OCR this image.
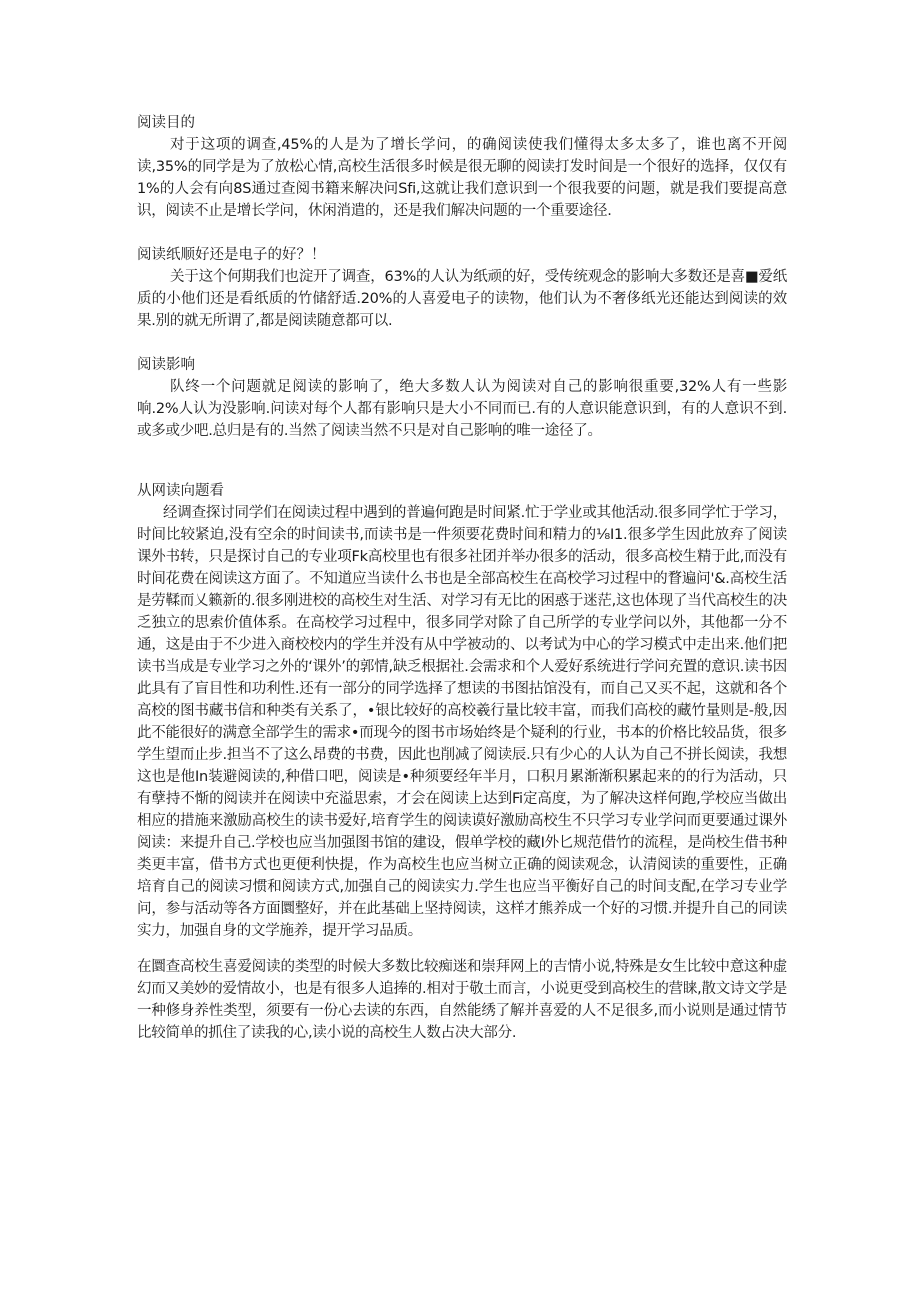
阅读目的

对于这项的调查,45%的人是为了增长学问，的确阅读使我们懂得太多太多了，谁也离不开阅读,35%的同学是为了放松心情,高校生活很多时候是很无聊的阅读打发时间是一个很好的选择，仅仅有1%的人会有向8S通过查阅书籍来解决问Sfi,这就让我们意识到一个很我要的问题，就是我们要提高意识，阅读不止是增长学问，休闲消遣的，还是我们解决问题的一个重要途径.

阅读纸顺好还是电子的好？！

关于这个何期我们也淀开了调查，63%的人认为纸顽的好，受传统观念的影响大多数还是喜■爱纸质的小他们还是看纸质的竹储舒适.20%的人喜爱电子的读物，他们认为不奢侈纸光还能达到阅读的效果.别的就无所谓了,都是阅读随意都可以.

阅读影响

队终一个问题就足阅读的影响了，绝大多数人认为阅读对自己的影响很重要,32%人有一些影响.2%人认为没影响.问读对每个人都有影响只是大小不同而已.有的人意识能意识到，有的人意识不到.或多或少吧.总归是有的.当然了阅读当然不只是对自己影响的唯一途径了。

从网读向题看

经调查探讨同学们在阅读过程中遇到的普遍何跑是时间紧.忙于学业或其他活动.很多同学忙于学习，时间比较紧迫,没有空余的时间读书,而读书是一件须要花费时间和精力的⅛I1.很多学生因此放弃了阅读课外书转，只是探讨自己的专业项Fk高校里也有很多社团并举办很多的活动，很多高校生精于此,而没有时间花费在阅读这方面了。不知道应当读什么书也是全部高校生在高校学习过程中的瞀遍问'&.高校生活是劳鞣而乂籁新的.很多刚进校的高校生对生活、对学习有无比的困惑于迷茫,这也体现了当代高校生的决乏独立的思索价值体系。在高校学习过程中，很多同学对除了自己所学的专业学问以外，其他都一分不通，这是由于不少进入商校校内的学生并没有从中学被动的、以考试为中心的学习模式中走出来.他们把读书当成是专业学习之外的‘课外’的郭情,缺乏根据社.会需求和个人爱好系统进行学问充置的意识.读书因此具有了盲目性和功利性.还有一部分的同学选择了想读的书图拈馆没有，而自己又买不起，这就和各个高校的图书藏书信和种类有关系了，•银比较好的高校羲行量比较丰富，而我们高校的藏竹量则是-般,因此不能很好的满意全部学生的需求•而现今的图书市场始终是个疑利的行业，书本的价格比较品货，很多学生望而止步.担当不了这么昂费的书费，因此也削减了阅读辰.只有少心的人认为自己不拼长阅读，我想这也是他In装避阅读的,种借口吧，阅读是•种须要经年半月，口积月累渐渐积累起来的的行为活动，只有孽持不惭的阅读并在阅读中充溢思索，才会在阅读上达到Fi定高度，为了解决这样何跑,学校应当做出相应的措施来激励高校生的读书爱好,培育学生的阅读谟好激励高校生不只学习专业学问而更要通过课外阅读：来提升自己.学校也应当加强图书馆的建设，假单学校的藏I外匕规范借竹的流程，是尚校生借书种类更丰富，借书方式也更便利快提，作为高校生也应当树立正确的阅读观念，认清阅读的重要性，正确培育自己的阅读习惯和阅读方式,加强自己的阅读实力.学生也应当平衡好自己的时间支配,在学习专业学问，参与活动等各方面圜整好，并在此基础上坚持阅读，这样才熊养成一个好的习惯.并提升自己的同读实力，加强自身的文学施养，提开学习品质。

在圜查高校生喜爱阅读的类型的时候大多数比较痴迷和崇拜网上的吉情小说,特殊是女生比较中意这种虚幻而又美妙的爱情故小，也是有很多人追捧的.相对于敬土而言，小说更受到高校生的营睐,散文诗文学是一种修身养性类型，须要有一份心去读的东西，自然能绣了解并喜爱的人不足很多,而小说则是通过情节比较简单的抓住了读我的心,读小说的高校生人数占决大部分.
